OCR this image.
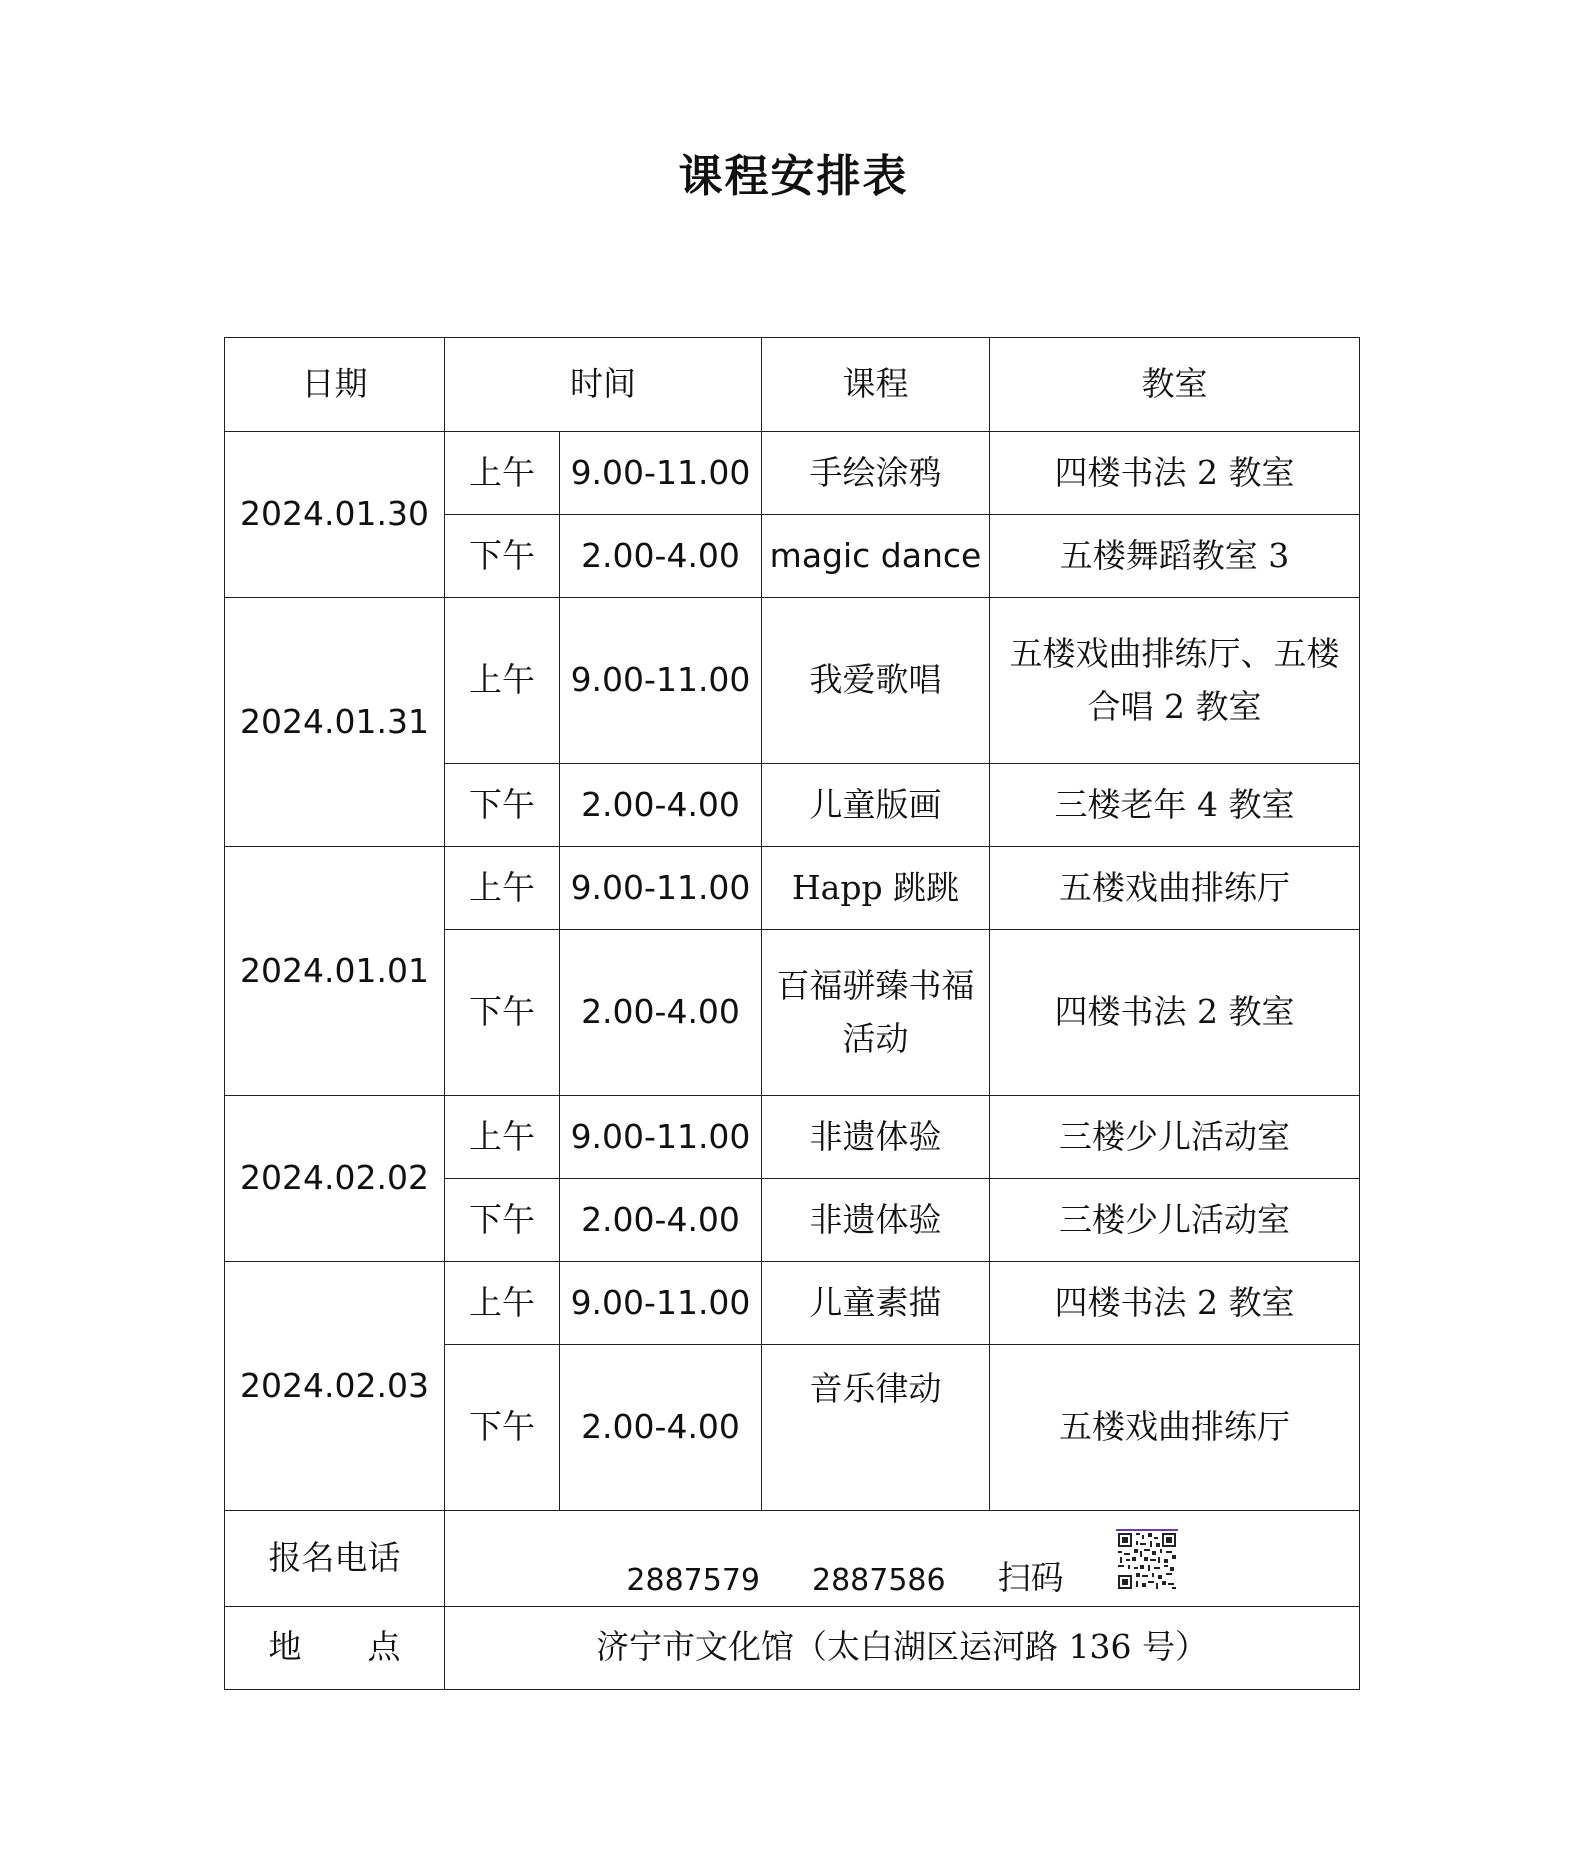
课程安排表
日期	时间		课程	教室
2024.01.30	上午	9.00-11.00	手绘涂鸦	四楼书法 2 教室
	下午	2.00-4.00	magic dance	五楼舞蹈教室 3
2024.01.31	上午	9.00-11.00	我爱歌唱	五楼戏曲排练厅、五楼合唱 2 教室
	下午	2.00-4.00	儿童版画	三楼老年 4 教室
2024.01.01	上午	9.00-11.00	Happ 跳跳	五楼戏曲排练厅
	下午	2.00-4.00	百福骈臻书福活动	四楼书法 2 教室
2024.02.02	上午	9.00-11.00	非遗体验	三楼少儿活动室
	下午	2.00-4.00	非遗体验	三楼少儿活动室
2024.02.03	上午	9.00-11.00	儿童素描	四楼书法 2 教室
	下午	2.00-4.00	音乐律动	五楼戏曲排练厅
报名电话	2887579 2887586 扫码			

地　　点	济宁市文化馆（太白湖区运河路 136 号）			
